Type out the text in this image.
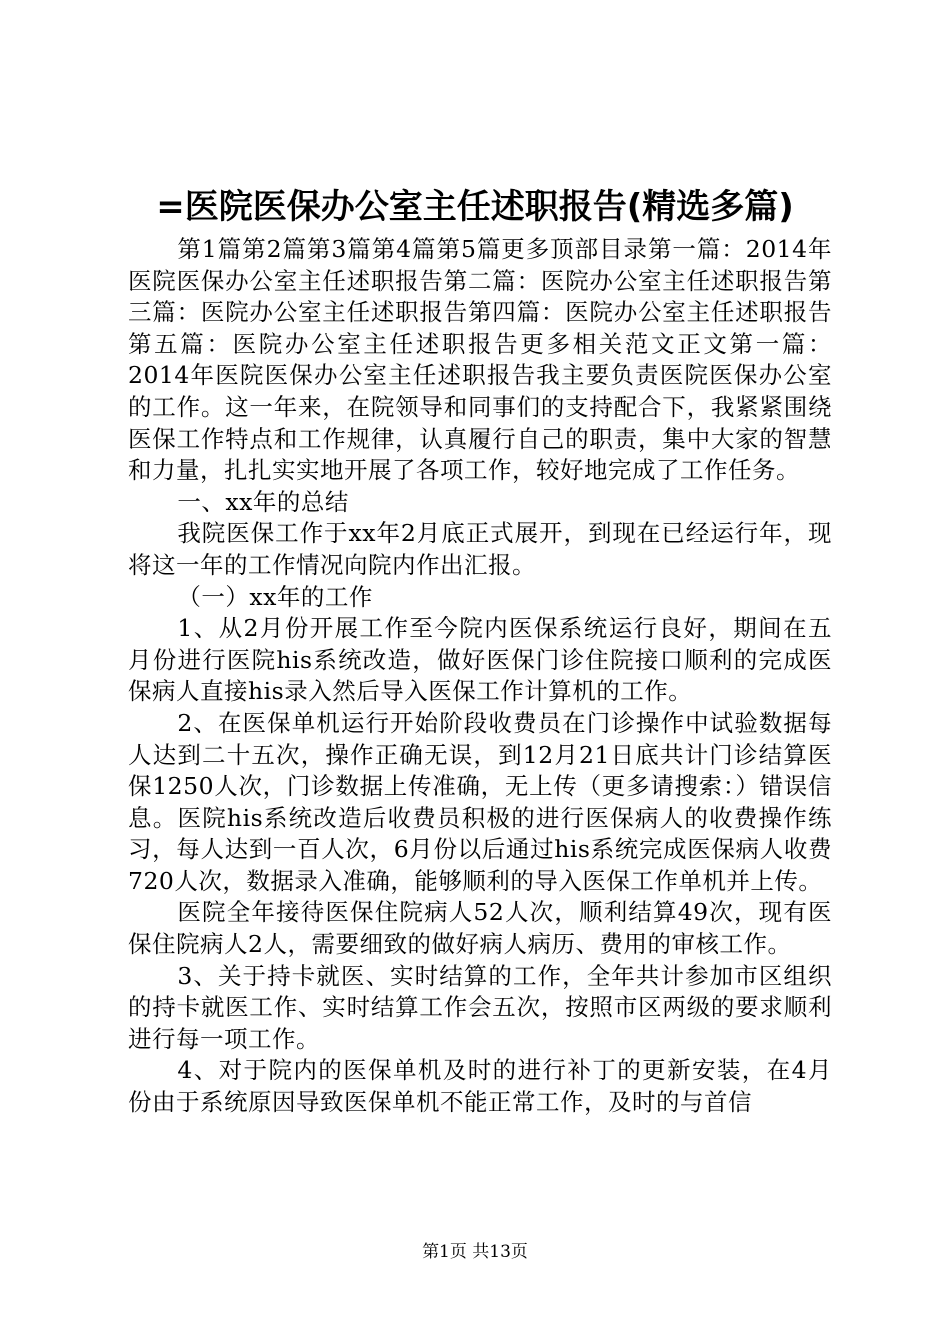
=医院医保办公室主任述职报告(精选多篇)

第1篇第2篇第3篇第4篇第5篇更多顶部目录第一篇：2014年医院医保办公室主任述职报告第二篇：医院办公室主任述职报告第三篇：医院办公室主任述职报告第四篇：医院办公室主任述职报告第五篇：医院办公室主任述职报告更多相关范文正文第一篇：2014年医院医保办公室主任述职报告我主要负责医院医保办公室的工作。这一年来，在院领导和同事们的支持配合下，我紧紧围绕医保工作特点和工作规律，认真履行自己的职责，集中大家的智慧和力量，扎扎实实地开展了各项工作，较好地完成了工作任务。

一、xx年的总结

我院医保工作于xx年2月底正式展开，到现在已经运行年，现将这一年的工作情况向院内作出汇报。

（一）xx年的工作

1、从2月份开展工作至今院内医保系统运行良好，期间在五月份进行医院his系统改造，做好医保门诊住院接口顺利的完成医保病人直接his录入然后导入医保工作计算机的工作。

2、在医保单机运行开始阶段收费员在门诊操作中试验数据每人达到二十五次，操作正确无误，到12月21日底共计门诊结算医保1250人次，门诊数据上传准确，无上传（更多请搜索：）错误信息。医院his系统改造后收费员积极的进行医保病人的收费操作练习，每人达到一百人次，6月份以后通过his系统完成医保病人收费720人次，数据录入准确，能够顺利的导入医保工作单机并上传。

医院全年接待医保住院病人52人次，顺利结算49次，现有医保住院病人2人，需要细致的做好病人病历、费用的审核工作。

3、关于持卡就医、实时结算的工作，全年共计参加市区组织的持卡就医工作、实时结算工作会五次，按照市区两级的要求顺利进行每一项工作。

4、对于院内的医保单机及时的进行补丁的更新安装，在4月份由于系统原因导致医保单机不能正常工作，及时的与首信

第1页 共13页
